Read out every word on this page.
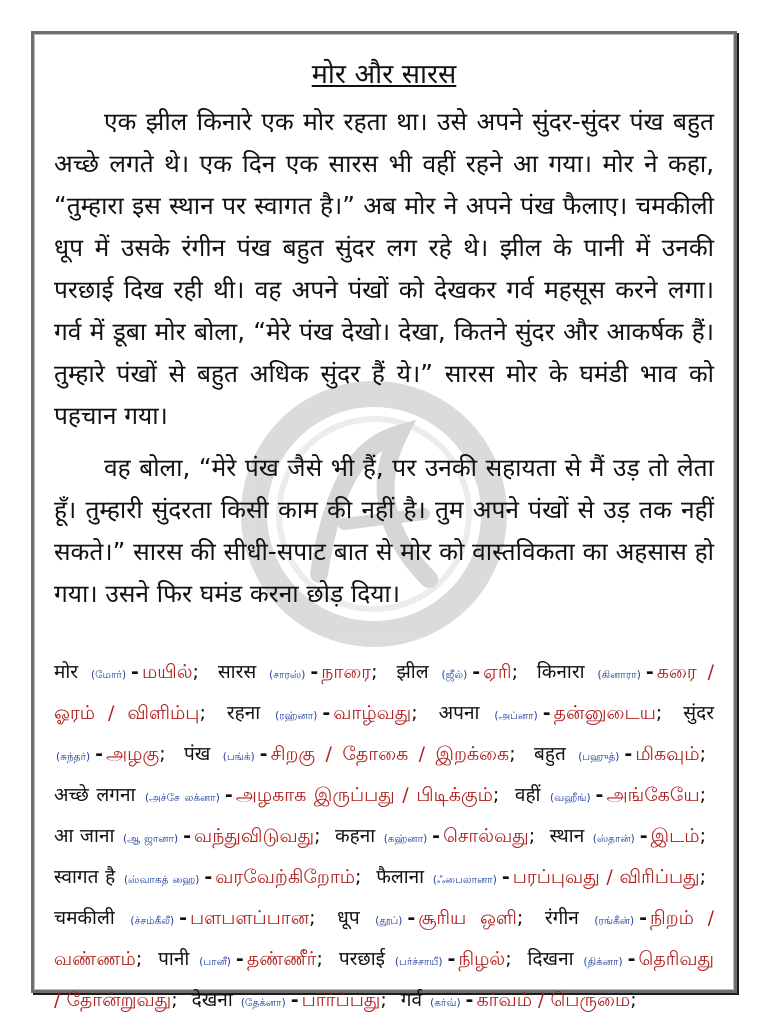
मोर और सारस

एक झील किनारे एक मोर रहता था। उसे अपने सुंदर-सुंदर पंख बहुत अच्छे लगते थे। एक दिन एक सारस भी वहीं रहने आ गया। मोर ने कहा, “तुम्हारा इस स्थान पर स्वागत है।” अब मोर ने अपने पंख फैलाए। चमकीली धूप में उसके रंगीन पंख बहुत सुंदर लग रहे थे। झील के पानी में उनकी परछाई दिख रही थी। वह अपने पंखों को देखकर गर्व महसूस करने लगा। गर्व में डूबा मोर बोला, “मेरे पंख देखो। देखा, कितने सुंदर और आकर्षक हैं। तुम्हारे पंखों से बहुत अधिक सुंदर हैं ये।” सारस मोर के घमंडी भाव को पहचान गया।

वह बोला, “मेरे पंख जैसे भी हैं, पर उनकी सहायता से मैं उड़ तो लेता हूँ। तुम्हारी सुंदरता किसी काम की नहीं है। तुम अपने पंखों से उड़ तक नहीं सकते।” सारस की सीधी-सपाट बात से मोर को वास्तविकता का अहसास हो गया। उसने फिर घमंड करना छोड़ दिया।

मोर (மோர்) - மயில்; सारस (சாரஸ்) - நாரை; झील (ஜீல்) - ஏரி; किनारा (கினாரா) - கரை / ஓரம் / விளிம்பு; रहना (ரஹ்னா) - வாழ்வது; अपना (அப்னா) - தன்னுடைய; सुंदर (சுந்தர்) - அழகு; पंख (பங்க்) - சிறகு / தோகை / இறக்கை; बहुत (பஹுத்) - மிகவும்; अच्छे लगना (அச்சே லக்னா) - அழகாக இருப்பது / பிடிக்கும்; वहीं (வஹீங்) - அங்கேயே; आ जाना (ஆ ஜானா) - வந்துவிடுவது; कहना (கஹ்னா) - சொல்வது; स्थान (ஸ்தான்) - இடம்; स्वागत है (ஸ்வாகத் ஹை) - வரவேற்கிறோம்; फैलाना (ஃபைலானா) - பரப்புவது / விரிப்பது; चमकीली (ச்சம்கீலீ) - பளபளப்பான; धूप (தூப்) - சூரிய ஒளி; रंगीन (ரங்கீன்) - நிறம் / வண்ணம்; पानी (பானீ) - தண்ணீர்; परछाई (பர்ச்சாயீ) - நிழல்; दिखना (திக்னா) - தெரிவது / தோன்றுவது; देखना (தேக்னா) - பார்ப்பது; गर्व (கர்வ்) - கர்வம் / பெருமை;
